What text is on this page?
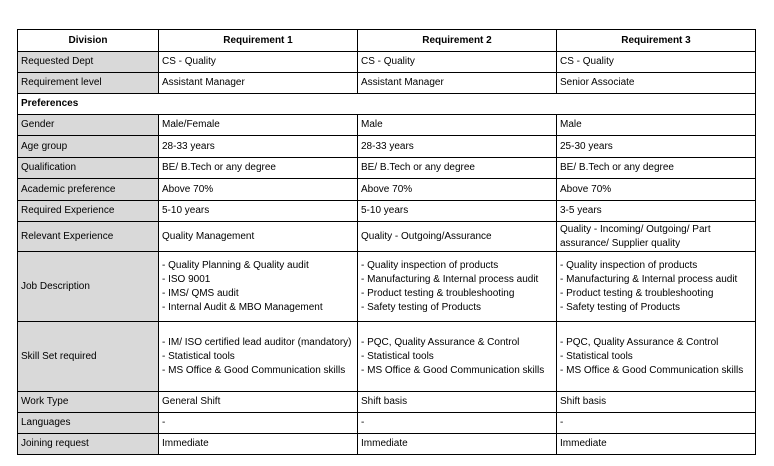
Division	Requirement 1	Requirement 2	Requirement 3
Requested Dept	CS - Quality	CS - Quality	CS - Quality
Requirement level	Assistant Manager	Assistant Manager	Senior Associate
Preferences			
Gender	Male/Female	Male	Male
Age group	28-33 years	28-33 years	25-30 years
Qualification	BE/ B.Tech or any degree	BE/ B.Tech or any degree	BE/ B.Tech or any degree
Academic preference	Above 70%	Above 70%	Above 70%
Required Experience	5-10 years	5-10 years	3-5 years
Relevant Experience	Quality Management	Quality - Outgoing/Assurance	Quality - Incoming/ Outgoing/ Part
assurance/ Supplier quality

Job Description	- Quality Planning & Quality audit
- ISO 9001
- IMS/ QMS audit
- Internal Audit & MBO Management	- Quality inspection of products
- Manufacturing & Internal process audit
- Product testing & troubleshooting
- Safety testing of Products	- Quality inspection of products
- Manufacturing & Internal process audit
- Product testing & troubleshooting
- Safety testing of Products

Skill Set required	- IM/ ISO certified lead auditor (mandatory)
- Statistical tools
- MS Office & Good Communication skills	- PQC, Quality Assurance & Control
- Statistical tools
- MS Office & Good Communication skills	- PQC, Quality Assurance & Control
- Statistical tools
- MS Office & Good Communication skills

Work Type	General Shift	Shift basis	Shift basis
Languages	-	-	-
Joining request	Immediate	Immediate	Immediate
